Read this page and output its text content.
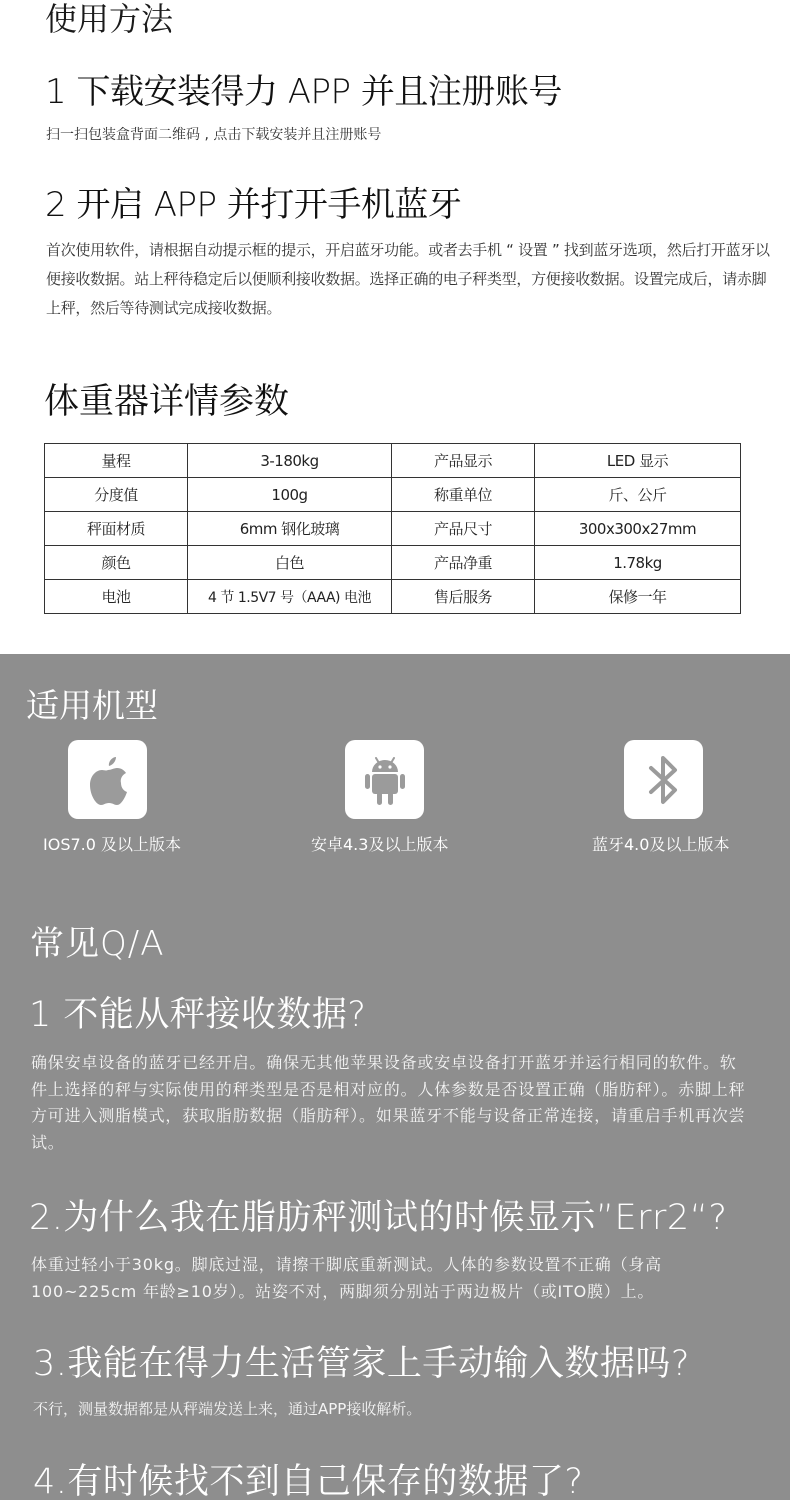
使用方法
1 下载安装得力 APP 并且注册账号

扫一扫包装盒背面二维码 , 点击下载安装并且注册账号

2 开启 APP 并打开手机蓝牙

首次使用软件，请根据自动提示框的提示，开启蓝牙功能。或者去手机 “ 设置 ” 找到蓝牙选项，然后打开蓝牙以便接收数据。站上秤待稳定后以便顺利接收数据。选择正确的电子秤类型，方便接收数据。设置完成后，请赤脚上秤，然后等待测试完成接收数据。

体重器详情参数
量程	3-180kg	产品显示	LED 显示
分度值	100g	称重单位	斤、公斤
秤面材质	6mm 钢化玻璃	产品尺寸	300x300x27mm
颜色	白色	产品净重	1.78kg
电池	4 节 1.5V7 号（AAA) 电池	售后服务	保修一年
适用机型

IOS7.0 及以上版本	安卓4.3及以上版本	蓝牙4.0及以上版本

常见Q/A
1 不能从秤接收数据?

确保安卓设备的蓝牙已经开启。确保无其他苹果设备或安卓设备打开蓝牙并运行相同的软件。软件上选择的秤与实际使用的秤类型是否是相对应的。人体参数是否设置正确（脂肪秤）。赤脚上秤方可进入测脂模式，获取脂肪数据（脂肪秤）。如果蓝牙不能与设备正常连接，请重启手机再次尝试。

2.为什么我在脂肪秤测试的时候显示”Err2“?

体重过轻小于30kg。脚底过湿，请擦干脚底重新测试。人体的参数设置不正确（身高100~225cm 年龄≥10岁）。站姿不对，两脚须分别站于两边极片（或ITO膜）上。

3.我能在得力生活管家上手动输入数据吗?

不行，测量数据都是从秤端发送上来，通过APP接收解析。

4.有时候找不到自己保存的数据了?
